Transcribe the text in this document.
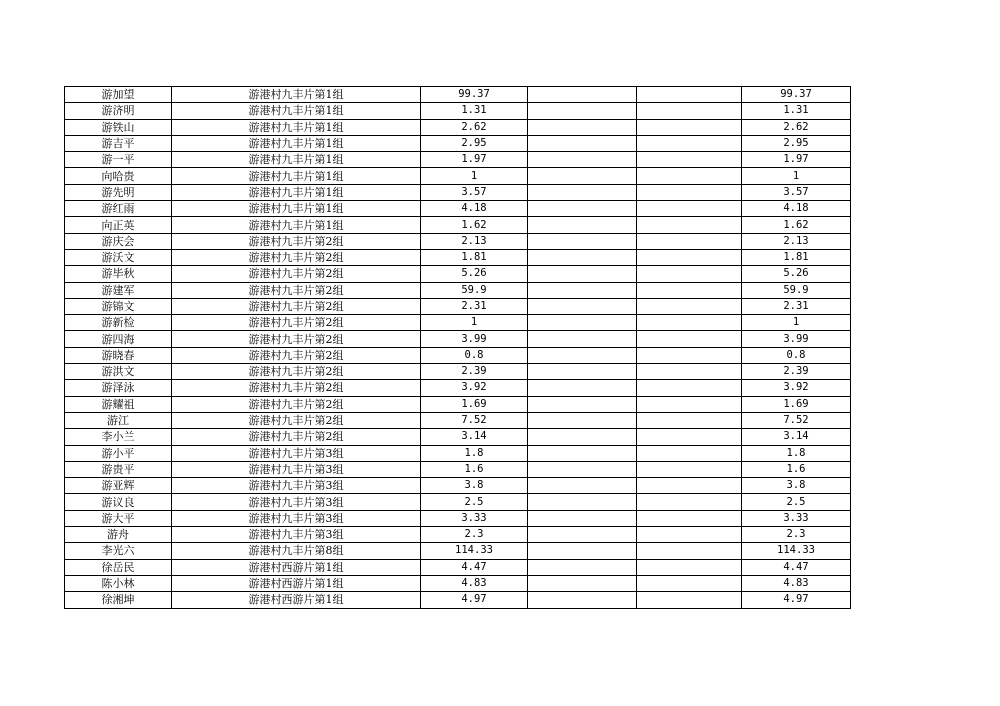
游加望	游港村九丰片第1组	99.37			99.37
游济明	游港村九丰片第1组	1.31			1.31
游铁山	游港村九丰片第1组	2.62			2.62
游吉平	游港村九丰片第1组	2.95			2.95
游一平	游港村九丰片第1组	1.97			1.97
向哈贵	游港村九丰片第1组	1			1
游先明	游港村九丰片第1组	3.57			3.57
游红雨	游港村九丰片第1组	4.18			4.18
向正英	游港村九丰片第1组	1.62			1.62
游庆会	游港村九丰片第2组	2.13			2.13
游沃文	游港村九丰片第2组	1.81			1.81
游毕秋	游港村九丰片第2组	5.26			5.26
游建军	游港村九丰片第2组	59.9			59.9
游锦文	游港村九丰片第2组	2.31			2.31
游新检	游港村九丰片第2组	1			1
游四海	游港村九丰片第2组	3.99			3.99
游晓春	游港村九丰片第2组	0.8			0.8
游洪文	游港村九丰片第2组	2.39			2.39
游泽泳	游港村九丰片第2组	3.92			3.92
游耀祖	游港村九丰片第2组	1.69			1.69
游江	游港村九丰片第2组	7.52			7.52
李小兰	游港村九丰片第2组	3.14			3.14
游小平	游港村九丰片第3组	1.8			1.8
游贵平	游港村九丰片第3组	1.6			1.6
游亚辉	游港村九丰片第3组	3.8			3.8
游议良	游港村九丰片第3组	2.5			2.5
游大平	游港村九丰片第3组	3.33			3.33
游舟	游港村九丰片第3组	2.3			2.3
李光六	游港村九丰片第8组	114.33			114.33
徐岳民	游港村西游片第1组	4.47			4.47
陈小林	游港村西游片第1组	4.83			4.83
徐湘坤	游港村西游片第1组	4.97			4.97
